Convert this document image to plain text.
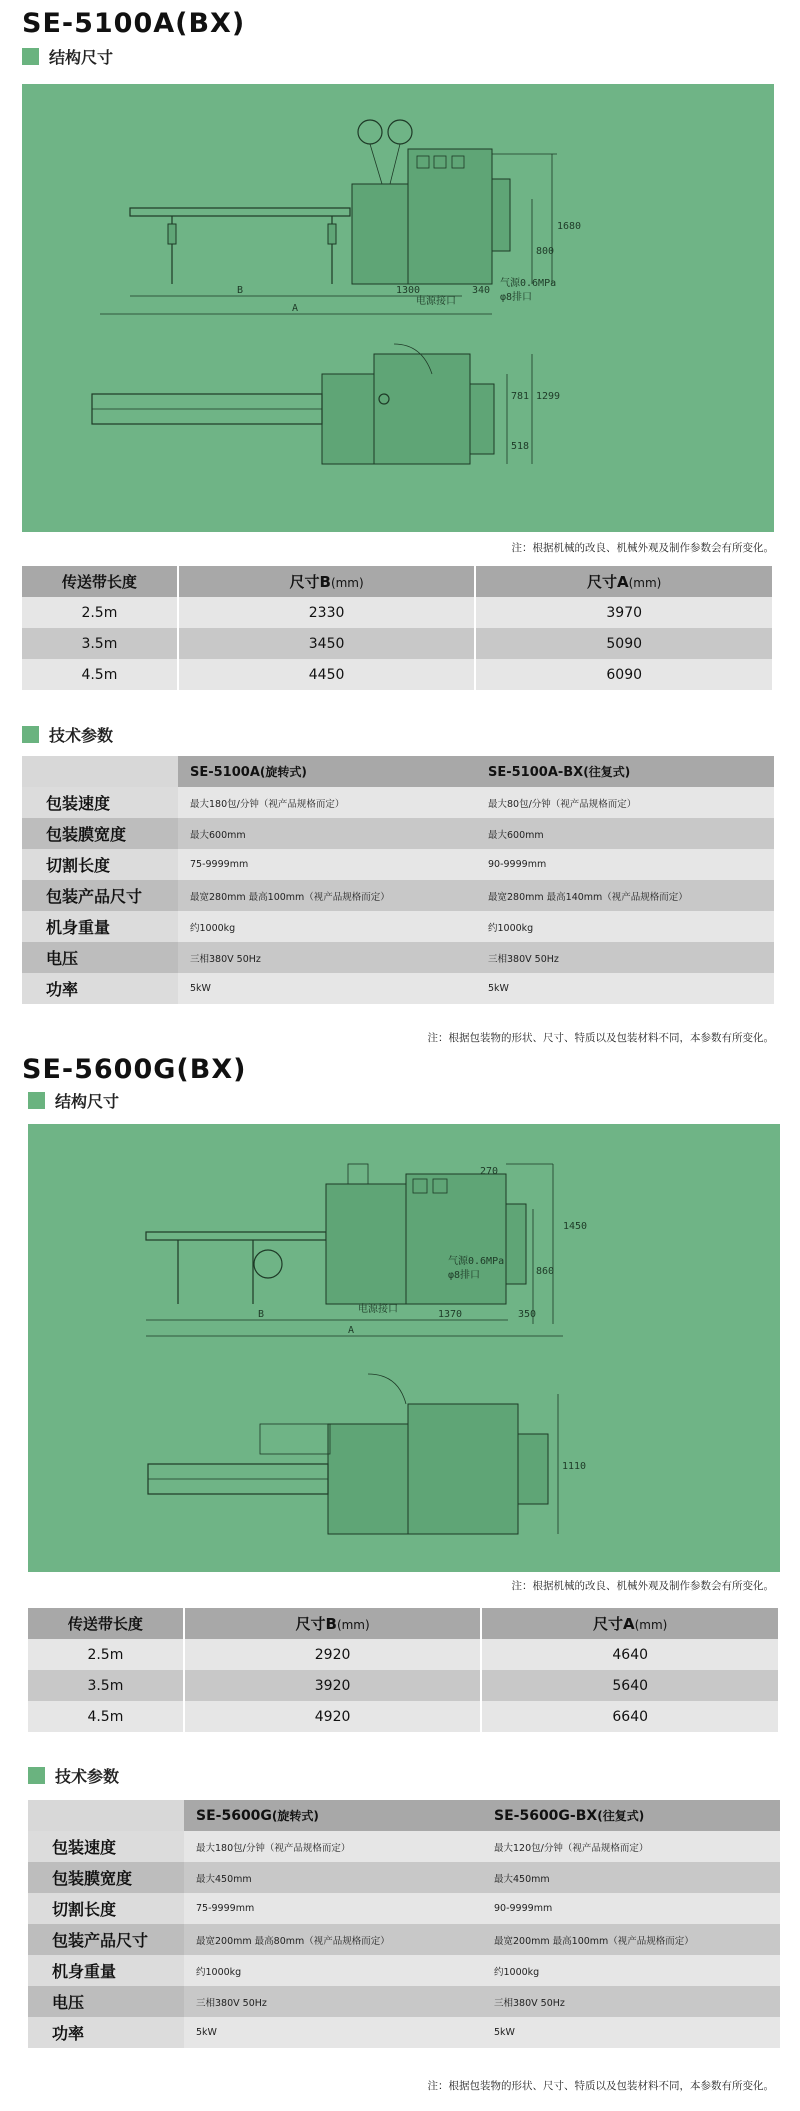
SE-5100A(BX)
结构尺寸
1680
800
B	1300	340
A
气源0.6MPa
φ8排口
电源接口
781 1299
518
注：根据机械的改良、机械外观及制作参数会有所变化。
传送带长度	尺寸B(mm)	尺寸A(mm)
2.5m	2330	3970
3.5m	3450	5090
4.5m	4450	6090
技术参数
	SE-5100A(旋转式)	SE-5100A-BX(往复式)
包装速度	最大180包/分钟（视产品规格而定）	最大80包/分钟（视产品规格而定）
包装膜宽度	最大600mm	最大600mm
切割长度	75-9999mm	90-9999mm
包装产品尺寸	最宽280mm 最高100mm（视产品规格而定）	最宽280mm 最高140mm（视产品规格而定）
机身重量	约1000kg	约1000kg
电压	三相380V 50Hz	三相380V 50Hz
功率	5kW	5kW
注：根据包装物的形状、尺寸、特质以及包装材料不同，本参数有所变化。
SE-5600G(BX)
结构尺寸
1450
860
270
B	1370	350
A
气源0.6MPa
φ8排口
电源接口
1110
注：根据机械的改良、机械外观及制作参数会有所变化。
传送带长度	尺寸B(mm)	尺寸A(mm)
2.5m	2920	4640
3.5m	3920	5640
4.5m	4920	6640
技术参数
	SE-5600G(旋转式)	SE-5600G-BX(往复式)
包装速度	最大180包/分钟（视产品规格而定）	最大120包/分钟（视产品规格而定）
包装膜宽度	最大450mm	最大450mm
切割长度	75-9999mm	90-9999mm
包装产品尺寸	最宽200mm 最高80mm（视产品规格而定）	最宽200mm 最高100mm（视产品规格而定）
机身重量	约1000kg	约1000kg
电压	三相380V 50Hz	三相380V 50Hz
功率	5kW	5kW
注：根据包装物的形状、尺寸、特质以及包装材料不同，本参数有所变化。
